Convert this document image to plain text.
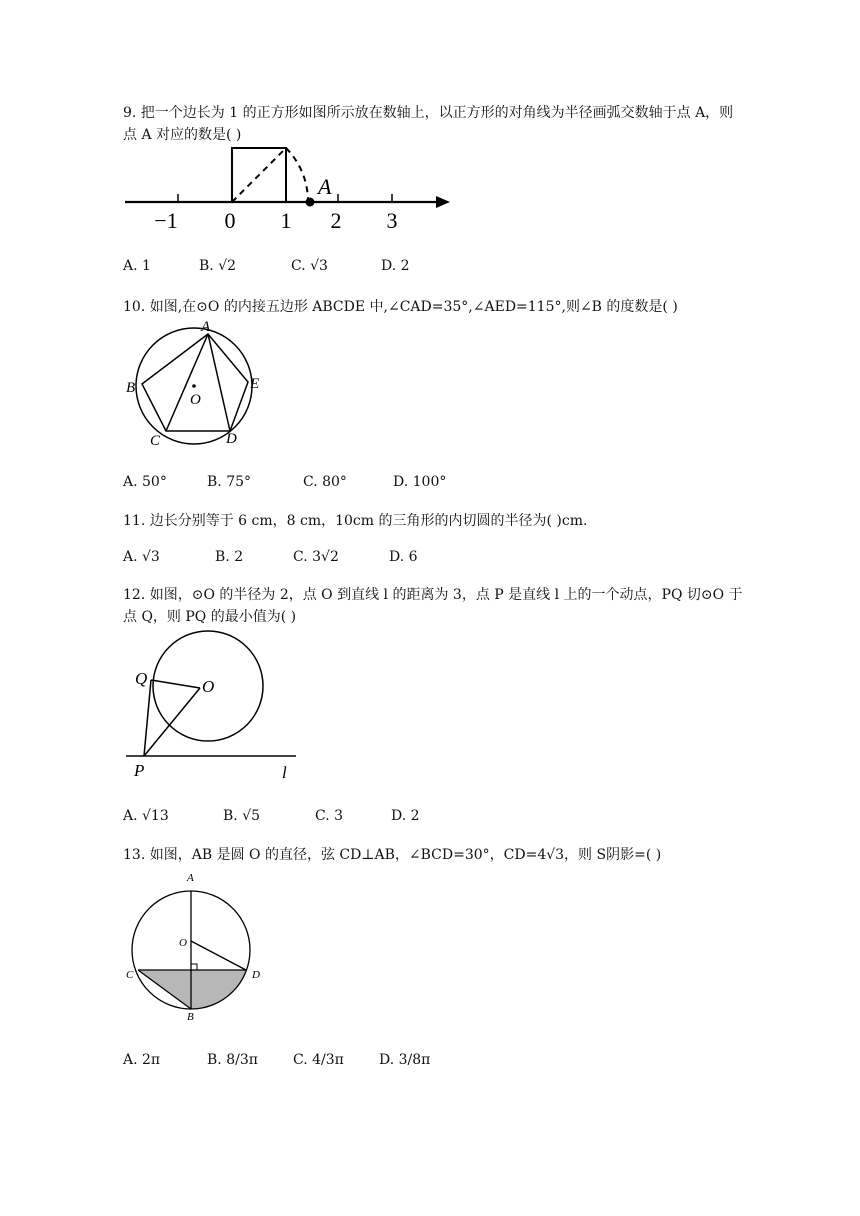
9. 把一个边长为 1 的正方形如图所示放在数轴上，以正方形的对角线为半径画弧交数轴于点 A，则点 A 对应的数是( )
−1 0 1 2 3
A
A. 1	B. √2	C. √3	D. 2
10. 如图,在⊙O 的内接五边形 ABCDE 中,∠CAD=35°,∠AED=115°,则∠B 的度数是( )
A
B
C	D
E
O
A. 50°	B. 75°	C. 80°	D. 100°
11. 边长分别等于 6 cm，8 cm，10cm 的三角形的内切圆的半径为( )cm.
A. √3	B. 2	C. 3√2	D. 6
12. 如图，⊙O 的半径为 2，点 O 到直线 l 的距离为 3，点 P 是直线 l 上的一个动点，PQ 切⊙O 于点 Q，则 PQ 的最小值为( )
Q	O
P	l
A. √13	B. √5	C. 3	D. 2
13. 如图，AB 是圆 O 的直径，弦 CD⊥AB，∠BCD=30°，CD=4√3，则 S阴影=( )
A
O
C	D
B
A. 2π	B. 8/3π	C. 4/3π	D. 3/8π
